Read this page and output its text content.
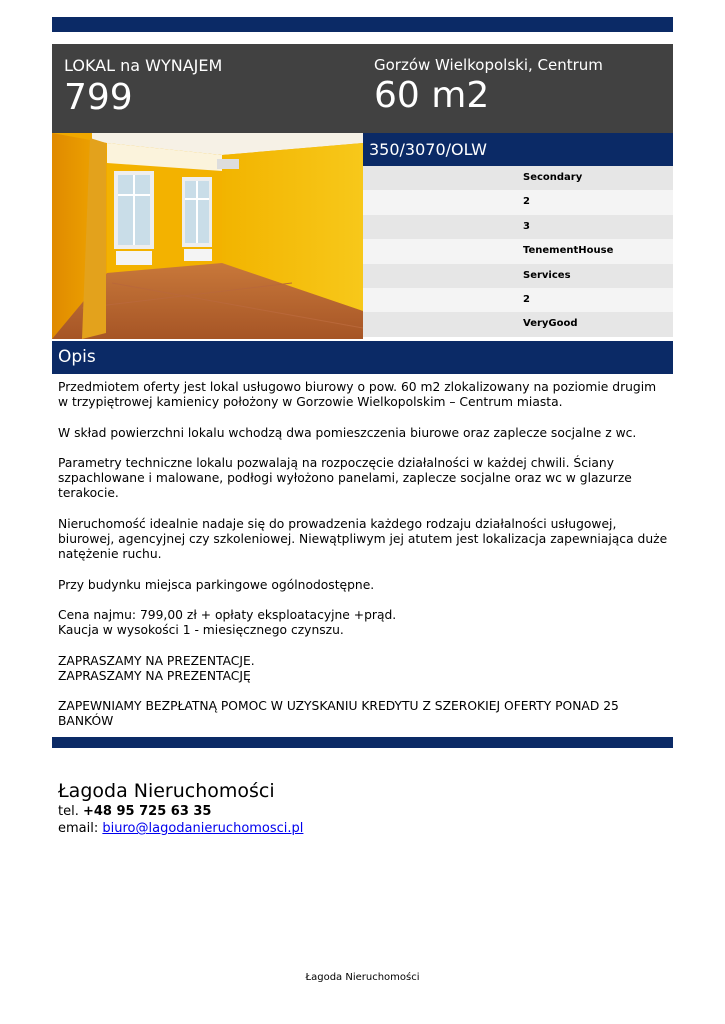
LOKAL na WYNAJEM
799
Gorzów Wielkopolski, Centrum
60 m2
350/3070/OLW
Secondary
2
3
TenementHouse
Services
2
VeryGood
Opis

Przedmiotem oferty jest lokal usługowo biurowy o pow. 60 m2 zlokalizowany na poziomie drugim w trzypiętrowej kamienicy położony w Gorzowie Wielkopolskim – Centrum miasta.

W skład powierzchni lokalu wchodzą dwa pomieszczenia biurowe oraz zaplecze socjalne z wc.

Parametry techniczne lokalu pozwalają na rozpoczęcie działalności w każdej chwili. Ściany szpachlowane i malowane, podłogi wyłożono panelami, zaplecze socjalne oraz wc w glazurze terakocie.

Nieruchomość idealnie nadaje się do prowadzenia każdego rodzaju działalności usługowej, biurowej, agencyjnej czy szkoleniowej. Niewątpliwym jej atutem jest lokalizacja zapewniająca duże natężenie ruchu.

Przy budynku miejsca parkingowe ogólnodostępne.

Cena najmu: 799,00 zł + opłaty eksploatacyjne +prąd.
Kaucja w wysokości 1 - miesięcznego czynszu.

ZAPRASZAMY NA PREZENTACJE.
ZAPRASZAMY NA PREZENTACJĘ

ZAPEWNIAMY BEZPŁATNĄ POMOC W UZYSKANIU KREDYTU Z SZEROKIEJ OFERTY PONAD 25 BANKÓW

Łagoda Nieruchomości
tel. +48 95 725 63 35
email: biuro@lagodanieruchomosci.pl
Łagoda Nieruchomości
